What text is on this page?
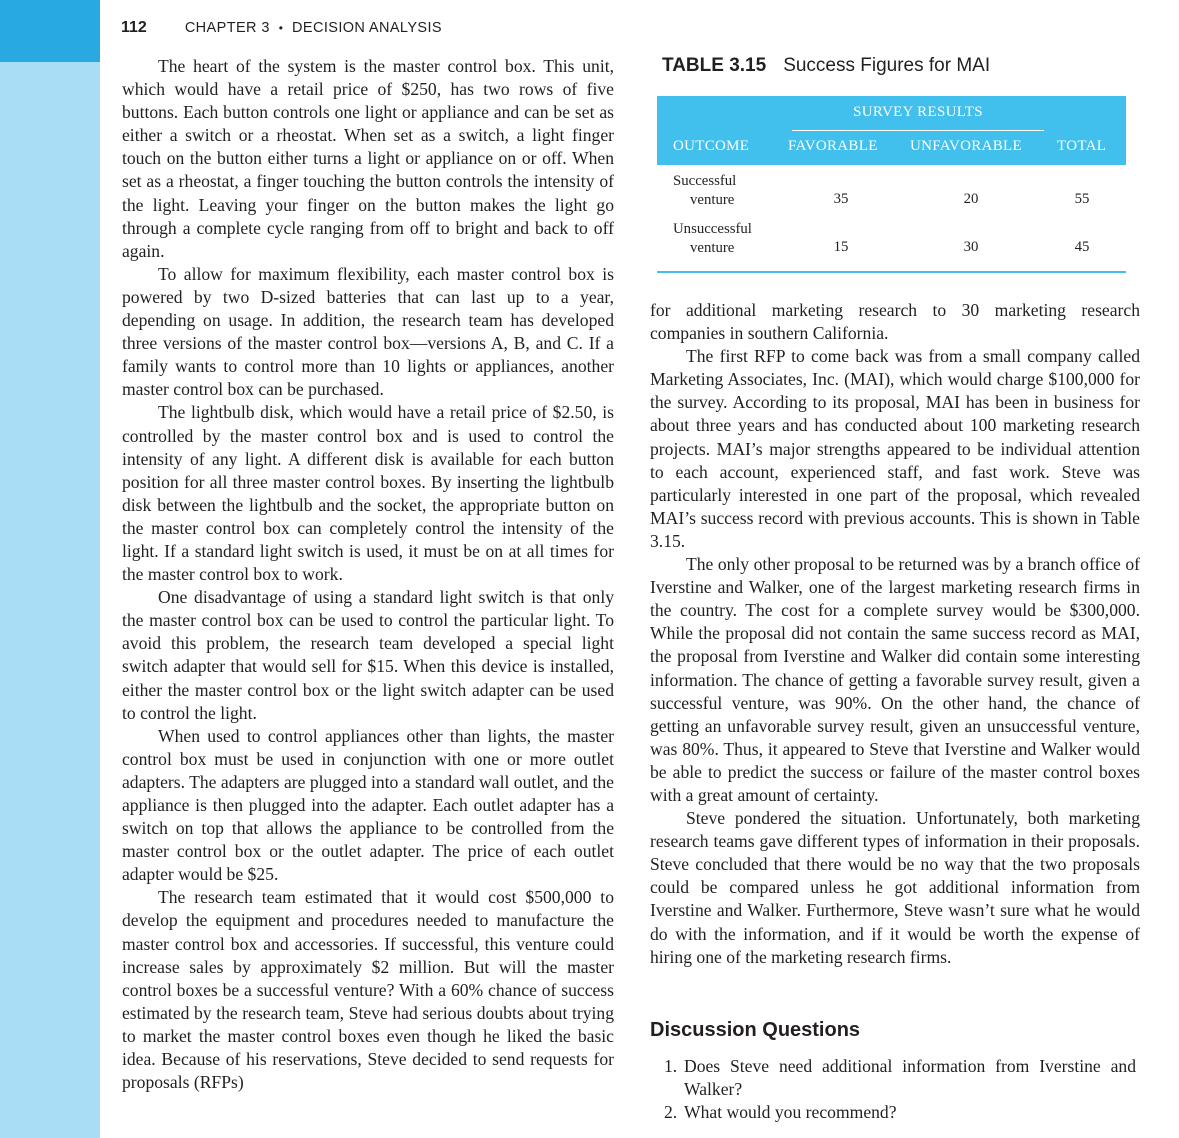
112	CHAPTER 3 • DECISION ANALYSIS

The heart of the system is the master control box. This unit, which would have a retail price of $250, has two rows of five buttons. Each button controls one light or appliance and can be set as either a switch or a rheostat. When set as a switch, a light finger touch on the button either turns a light or appliance on or off. When set as a rheostat, a finger touching the button controls the intensity of the light. Leaving your finger on the button makes the light go through a complete cycle ranging from off to bright and back to off again.

To allow for maximum flexibility, each master control box is powered by two D-sized batteries that can last up to a year, depending on usage. In addition, the research team has developed three versions of the master control box—versions A, B, and C. If a family wants to control more than 10 lights or appliances, another master control box can be purchased.

The lightbulb disk, which would have a retail price of $2.50, is controlled by the master control box and is used to control the intensity of any light. A different disk is available for each button position for all three master control boxes. By inserting the lightbulb disk between the lightbulb and the socket, the appropriate button on the master control box can completely control the intensity of the light. If a standard light switch is used, it must be on at all times for the master control box to work.

One disadvantage of using a standard light switch is that only the master control box can be used to control the particular light. To avoid this problem, the research team developed a special light switch adapter that would sell for $15. When this device is installed, either the master control box or the light switch adapter can be used to control the light.

When used to control appliances other than lights, the master control box must be used in conjunction with one or more outlet adapters. The adapters are plugged into a standard wall outlet, and the appliance is then plugged into the adapter. Each outlet adapter has a switch on top that allows the appliance to be controlled from the master control box or the outlet adapter. The price of each outlet adapter would be $25.

The research team estimated that it would cost $500,000 to develop the equipment and procedures needed to manufacture the master control box and accessories. If successful, this venture could increase sales by approximately $2 million. But will the master control boxes be a successful venture? With a 60% chance of success estimated by the research team, Steve had serious doubts about trying to market the master control boxes even though he liked the basic idea. Because of his reservations, Steve decided to send requests for proposals (RFPs)

TABLE 3.15 Success Figures for MAI
SURVEY RESULTS
OUTCOME	FAVORABLE UNFAVORABLE TOTAL
Successful
venture	35	20	55
Unsuccessful
venture	15	30	45

for additional marketing research to 30 marketing research companies in southern California.

The first RFP to come back was from a small company called Marketing Associates, Inc. (MAI), which would charge $100,000 for the survey. According to its proposal, MAI has been in business for about three years and has conducted about 100 marketing research projects. MAI’s major strengths appeared to be individual attention to each account, experienced staff, and fast work. Steve was particularly interested in one part of the proposal, which revealed MAI’s success record with previous accounts. This is shown in Table 3.15.

The only other proposal to be returned was by a branch office of Iverstine and Walker, one of the largest marketing research firms in the country. The cost for a complete survey would be $300,000. While the proposal did not contain the same success record as MAI, the proposal from Iverstine and Walker did contain some interesting information. The chance of getting a favorable survey result, given a successful venture, was 90%. On the other hand, the chance of getting an unfavorable survey result, given an unsuccessful venture, was 80%. Thus, it appeared to Steve that Iverstine and Walker would be able to predict the success or failure of the master control boxes with a great amount of certainty.

Steve pondered the situation. Unfortunately, both marketing research teams gave different types of information in their proposals. Steve concluded that there would be no way that the two proposals could be compared unless he got additional information from Iverstine and Walker. Furthermore, Steve wasn’t sure what he would do with the information, and if it would be worth the expense of hiring one of the marketing research firms.

Discussion Questions
1. Does Steve need additional information from Iverstine and Walker?
2. What would you recommend?
